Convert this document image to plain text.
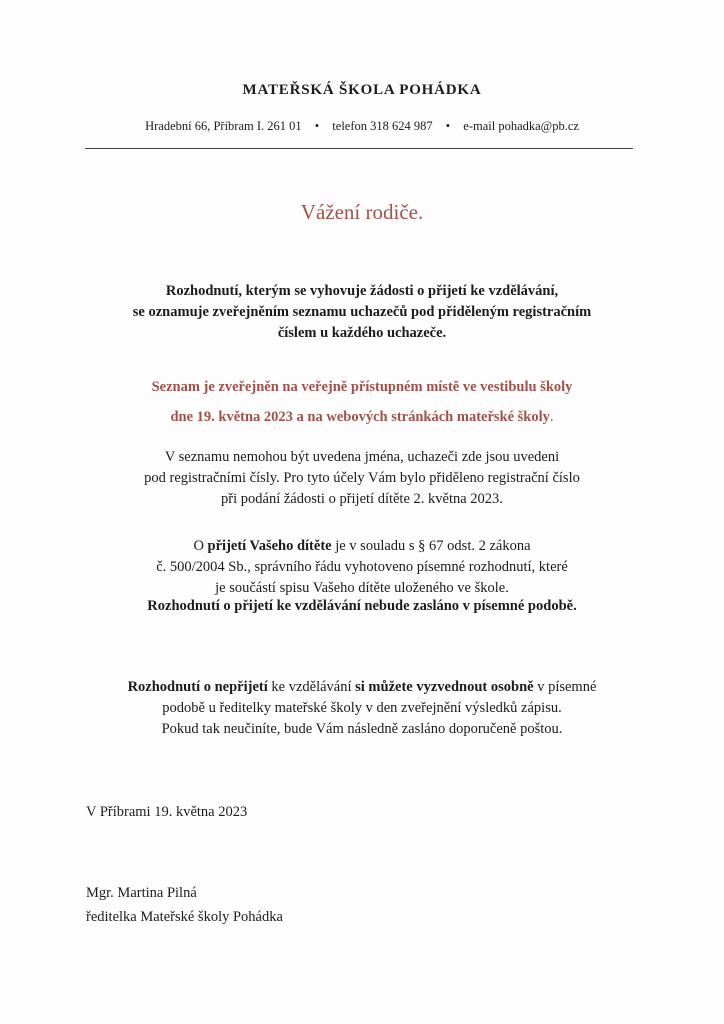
MATEŘSKÁ ŠKOLA POHÁDKA
Hradební 66, Příbram I. 261 01 • telefon 318 624 987 • e-mail pohadka@pb.cz
Vážení rodiče.
Rozhodnutí, kterým se vyhovuje žádosti o přijetí ke vzdělávání,
se oznamuje zveřejněním seznamu uchazečů pod přiděleným registračním
číslem u každého uchazeče.
Seznam je zveřejněn na veřejně přístupném místě ve vestibulu školy
dne 19. května 2023 a na webových stránkách mateřské školy.
V seznamu nemohou být uvedena jména, uchazeči zde jsou uvedeni
pod registračními čísly. Pro tyto účely Vám bylo přiděleno registrační číslo
při podání žádosti o přijetí dítěte 2. května 2023.
O přijetí Vašeho dítěte je v souladu s § 67 odst. 2 zákona
č. 500/2004 Sb., správního řádu vyhotoveno písemné rozhodnutí, které
je součástí spisu Vašeho dítěte uloženého ve škole.
Rozhodnutí o přijetí ke vzdělávání nebude zasláno v písemné podobě.
Rozhodnutí o nepřijetí ke vzdělávání si můžete vyzvednout osobně v písemné
podobě u ředitelky mateřské školy v den zveřejnění výsledků zápisu.
Pokud tak neučiníte, bude Vám následně zasláno doporučeně poštou.
V Příbrami 19. května 2023
Mgr. Martina Pilná
ředitelka Mateřské školy Pohádka
